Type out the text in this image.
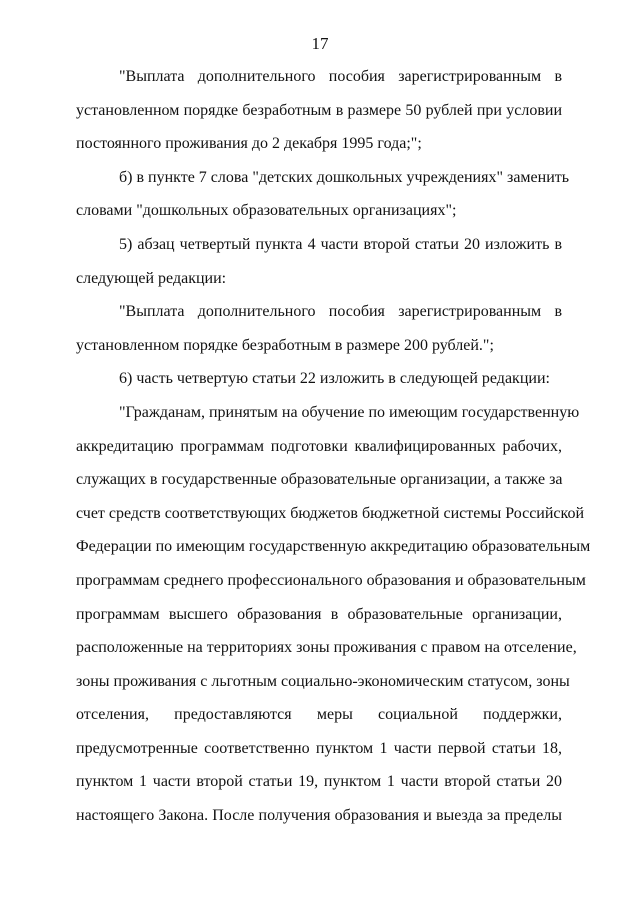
17
"Выплата дополнительного пособия зарегистрированным в
установленном порядке безработным в размере 50 рублей при условии
постоянного проживания до 2 декабря 1995 года;";
б) в пункте 7 слова "детских дошкольных учреждениях" заменить
словами "дошкольных образовательных организациях";
5) абзац четвертый пункта 4 части второй статьи 20 изложить в
следующей редакции:
"Выплата дополнительного пособия зарегистрированным в
установленном порядке безработным в размере 200 рублей.";
6) часть четвертую статьи 22 изложить в следующей редакции:
"Гражданам, принятым на обучение по имеющим государственную
аккредитацию программам подготовки квалифицированных рабочих,
служащих в государственные образовательные организации, а также за
счет средств соответствующих бюджетов бюджетной системы Российской
Федерации по имеющим государственную аккредитацию образовательным
программам среднего профессионального образования и образовательным
программам высшего образования в образовательные организации,
расположенные на территориях зоны проживания с правом на отселение,
зоны проживания с льготным социально-экономическим статусом, зоны
отселения, предоставляются меры социальной поддержки,
предусмотренные соответственно пунктом 1 части первой статьи 18,
пунктом 1 части второй статьи 19, пунктом 1 части второй статьи 20
настоящего Закона. После получения образования и выезда за пределы
